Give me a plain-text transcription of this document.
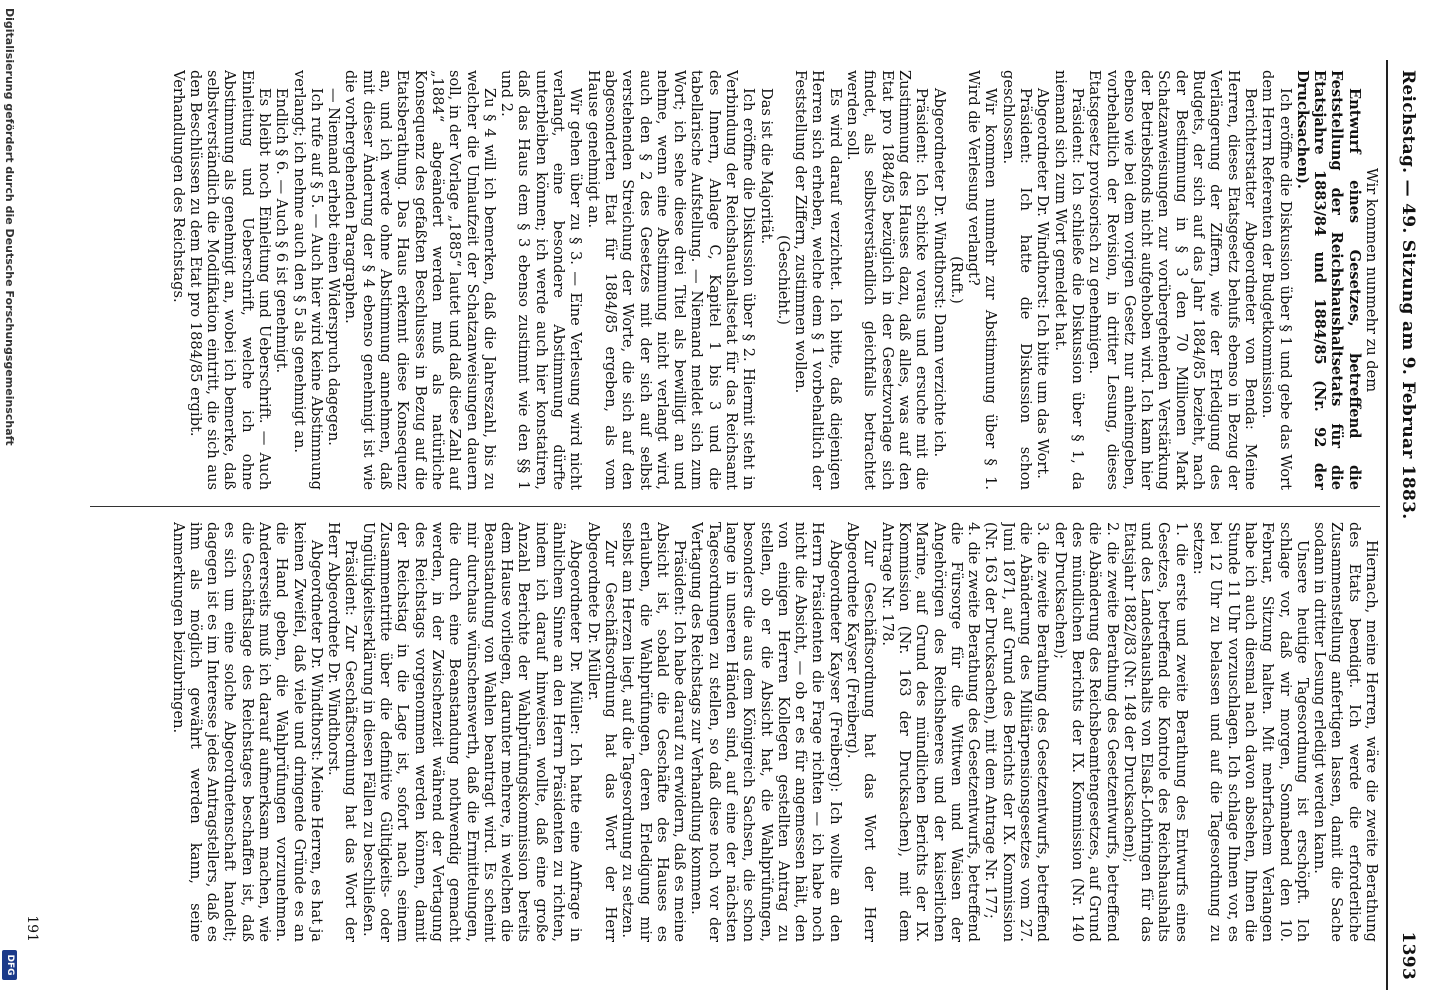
Reichstag. — 49. Sitzung am 9. Februar 1883.
1393

Wir kommen nunmehr zu dem

Entwurf eines Gesetzes, betreffend die Feststellung der Reichshaushaltsetats für die Etatsjahre 1883/84 und 1884/85 (Nr. 92 der Drucksachen).

Ich eröffne die Diskussion über § 1 und gebe das Wort dem Herrn Referenten der Budgetkommission.

Berichterstatter Abgeordneter von Benda: Meine Herren, dieses Etatsgesetz behufs ebenso in Bezug der Verlängerung der Ziffern, wie der Erledigung des Budgets, der sich auf das Jahr 1884/85 bezieht, nach der Bestimmung in § 3 den 70 Millionen Mark Schatzanweisungen zur vorübergehenden Verstärkung der Betriebsfonds nicht aufgehoben wird. Ich kann hier ebenso wie bei dem vorigen Gesetz nur anheimgeben, vorbehaltlich der Revision, in dritter Lesung, dieses Etatsgesetz provisorisch zu genehmigen.

Präsident: Ich schließe die Diskussion über § 1, da niemand sich zum Wort gemeldet hat.

Abgeordneter Dr. Windthorst: Ich bitte um das Wort.

Präsident: Ich hatte die Diskussion schon geschlossen.

Wir kommen nunmehr zur Abstimmung über § 1. Wird die Verlesung verlangt?

(Ruft.)

Abgeordneter Dr. Windthorst: Dann verzichte ich.

Präsident: Ich schicke voraus und ersuche mit die Zustimmung des Hauses dazu, daß alles, was auf den Etat pro 1884/85 bezüglich in der Gesetzvorlage sich findet, als selbstverständlich gleichfalls betrachtet werden soll.

Es wird darauf verzichtet. Ich bitte, daß diejenigen Herren sich erheben, welche dem § 1 vorbehaltlich der Feststellung der Ziffern, zustimmen wollen.

(Geschieht.)

Das ist die Majorität.

Ich eröffne die Diskussion über § 2. Hiermit steht in Verbindung der Reichshaushaltsetat für das Reichsamt des Innern, Anlage C, Kapitel 1 bis 3 und die tabellarische Aufstellung. — Niemand meldet sich zum Wort; ich sehe diese drei Titel als bewilligt an und nehme, wenn eine Abstimmung nicht verlangt wird, auch den § 2 des Gesetzes mit der sich auf selbst verstehenden Streichung der Worte, die sich auf den abgesonderten Etat für 1884/85 ergeben, als vom Hause genehmigt an.

Wir gehen über zu § 3. — Eine Verlesung wird nicht verlangt, eine besondere Abstimmung dürfte unterbleiben können; ich werde auch hier konstatiren, daß das Haus dem § 3 ebenso zustimmt wie den §§ 1 und 2.

Zu § 4 will ich bemerken, daß die Jahreszahl, bis zu welcher die Umlaufzeit der Schatzanweisungen dauern soll, in der Vorlage „1885“ lautet und daß diese Zahl auf „1884“ abgeändert werden muß als natürliche Konsequenz des gefaßten Beschlusses in Bezug auf die Etatsberathung. Das Haus erkennt diese Konsequenz an, und ich werde ohne Abstimmung annehmen, daß mit dieser Änderung der § 4 ebenso genehmigt ist wie die vorhergehenden Paragraphen.

— Niemand erhebt einen Widerspruch dagegen.

Ich rufe auf § 5. — Auch hier wird keine Abstimmung verlangt; ich nehme auch den § 5 als genehmigt an.

Endlich § 6. — Auch § 6 ist genehmigt.

Es bleibt noch Einleitung und Ueberschrift. — Auch Einleitung und Ueberschrift, welche ich ohne Abstimmung als genehmigt an, wobei ich bemerke, daß selbstverständlich die Modifikation eintritt, die sich aus den Beschlüssen zu dem Etat pro 1884/85 ergibt.

Verhandlungen des Reichstags.

Hiernach, meine Herren, wäre die zweite Berathung des Etats beendigt. Ich werde die erforderliche Zusammenstellung anfertigen lassen, damit die Sache sodann in dritter Lesung erledigt werden kann.

Unsere heutige Tagesordnung ist erschöpft. Ich schlage vor, daß wir morgen, Sonnabend den 10. Februar, Sitzung halten. Mit mehrfachem Verlangen habe ich auch diesmal nach davon absehen, Ihnen die Stunde 11 Uhr vorzuschlagen. Ich schlage Ihnen vor, es bei 12 Uhr zu belassen und auf die Tagesordnung zu setzen:

1. die erste und zweite Berathung des Entwurfs eines Gesetzes, betreffend die Kontrole des Reichshaushalts und des Landeshaushalts von Elsaß-Lothringen für das Etatsjahr 1882/83 (Nr. 148 der Drucksachen);

2. die zweite Berathung des Gesetzentwurfs, betreffend die Abänderung des Reichsbeamtengesetzes, auf Grund des mündlichen Berichts der IX. Kommission (Nr. 140 der Drucksachen);

3. die zweite Berathung des Gesetzentwurfs, betreffend die Abänderung des Militärpensionsgesetzes vom 27. Juni 1871, auf Grund des Berichts der IX. Kommission (Nr. 163 der Drucksachen), mit dem Antrage Nr. 177;

4. die zweite Berathung des Gesetzentwurfs, betreffend die Fürsorge für die Wittwen und Waisen der Angehörigen des Reichsheeres und der kaiserlichen Marine, auf Grund des mündlichen Berichts der IX. Kommission (Nr. 163 der Drucksachen), mit dem Antrage Nr. 178.

Zur Geschäftsordnung hat das Wort der Herr Abgeordnete Kayser (Freiberg).

Abgeordneter Kayser (Freiberg): Ich wollte an den Herrn Präsidenten die Frage richten — ich habe noch nicht die Absicht, — ob er es für angemessen hält, den von einigen Herren Kollegen gestellten Antrag zu stellen, ob er die Absicht hat, die Wahlprüfungen, besonders die aus dem Königreich Sachsen, die schon lange in unseren Händen sind, auf eine der nächsten Tagesordnungen zu stellen, so daß diese noch vor der Vertagung des Reichstags zur Verhandlung kommen.

Präsident: Ich habe darauf zu erwidern, daß es meine Absicht ist, sobald die Geschäfte des Hauses es erlauben, die Wahlprüfungen, deren Erledigung mir selbst am Herzen liegt, auf die Tagesordnung zu setzen.

Zur Geschäftsordnung hat das Wort der Herr Abgeordnete Dr. Müller.

Abgeordneter Dr. Müller: Ich hatte eine Anfrage in ähnlichem Sinne an den Herrn Präsidenten zu richten, indem ich darauf hinweisen wollte, daß eine große Anzahl Berichte der Wahlprüfungskommission bereits dem Hause vorliegen, darunter mehrere, in welchen die Beanstandung von Wahlen beantragt wird. Es scheint mir durchaus wünschenswerth, daß die Ermittelungen, die durch eine Beanstandung nothwendig gemacht werden, in der Zwischenzeit während der Vertagung des Reichstags vorgenommen werden können, damit der Reichstag in die Lage ist, sofort nach seinem Zusammentritte über die definitive Gültigkeits- oder Ungültigkeitserklärung in diesen Fällen zu beschließen.

Präsident: Zur Geschäftsordnung hat das Wort der Herr Abgeordnete Dr. Windthorst.

Abgeordneter Dr. Windthorst: Meine Herren, es hat ja keinen Zweifel, daß viele und dringende Gründe es an die Hand geben, die Wahlprüfungen vorzunehmen. Andererseits muß ich darauf aufmerksam machen, wie die Geschäftslage des Reichstages beschaffen ist, daß es sich um eine solche Abgeordnetenschaft handelt; dagegen ist es im Interesse jedes Antragstellers, daß es ihm als möglich gewährt werden kann, seine Anmerkungen beizubringen.

191
Digitalisierung gefördert durch die Deutsche Forschungsgemeinschaft
DFG
